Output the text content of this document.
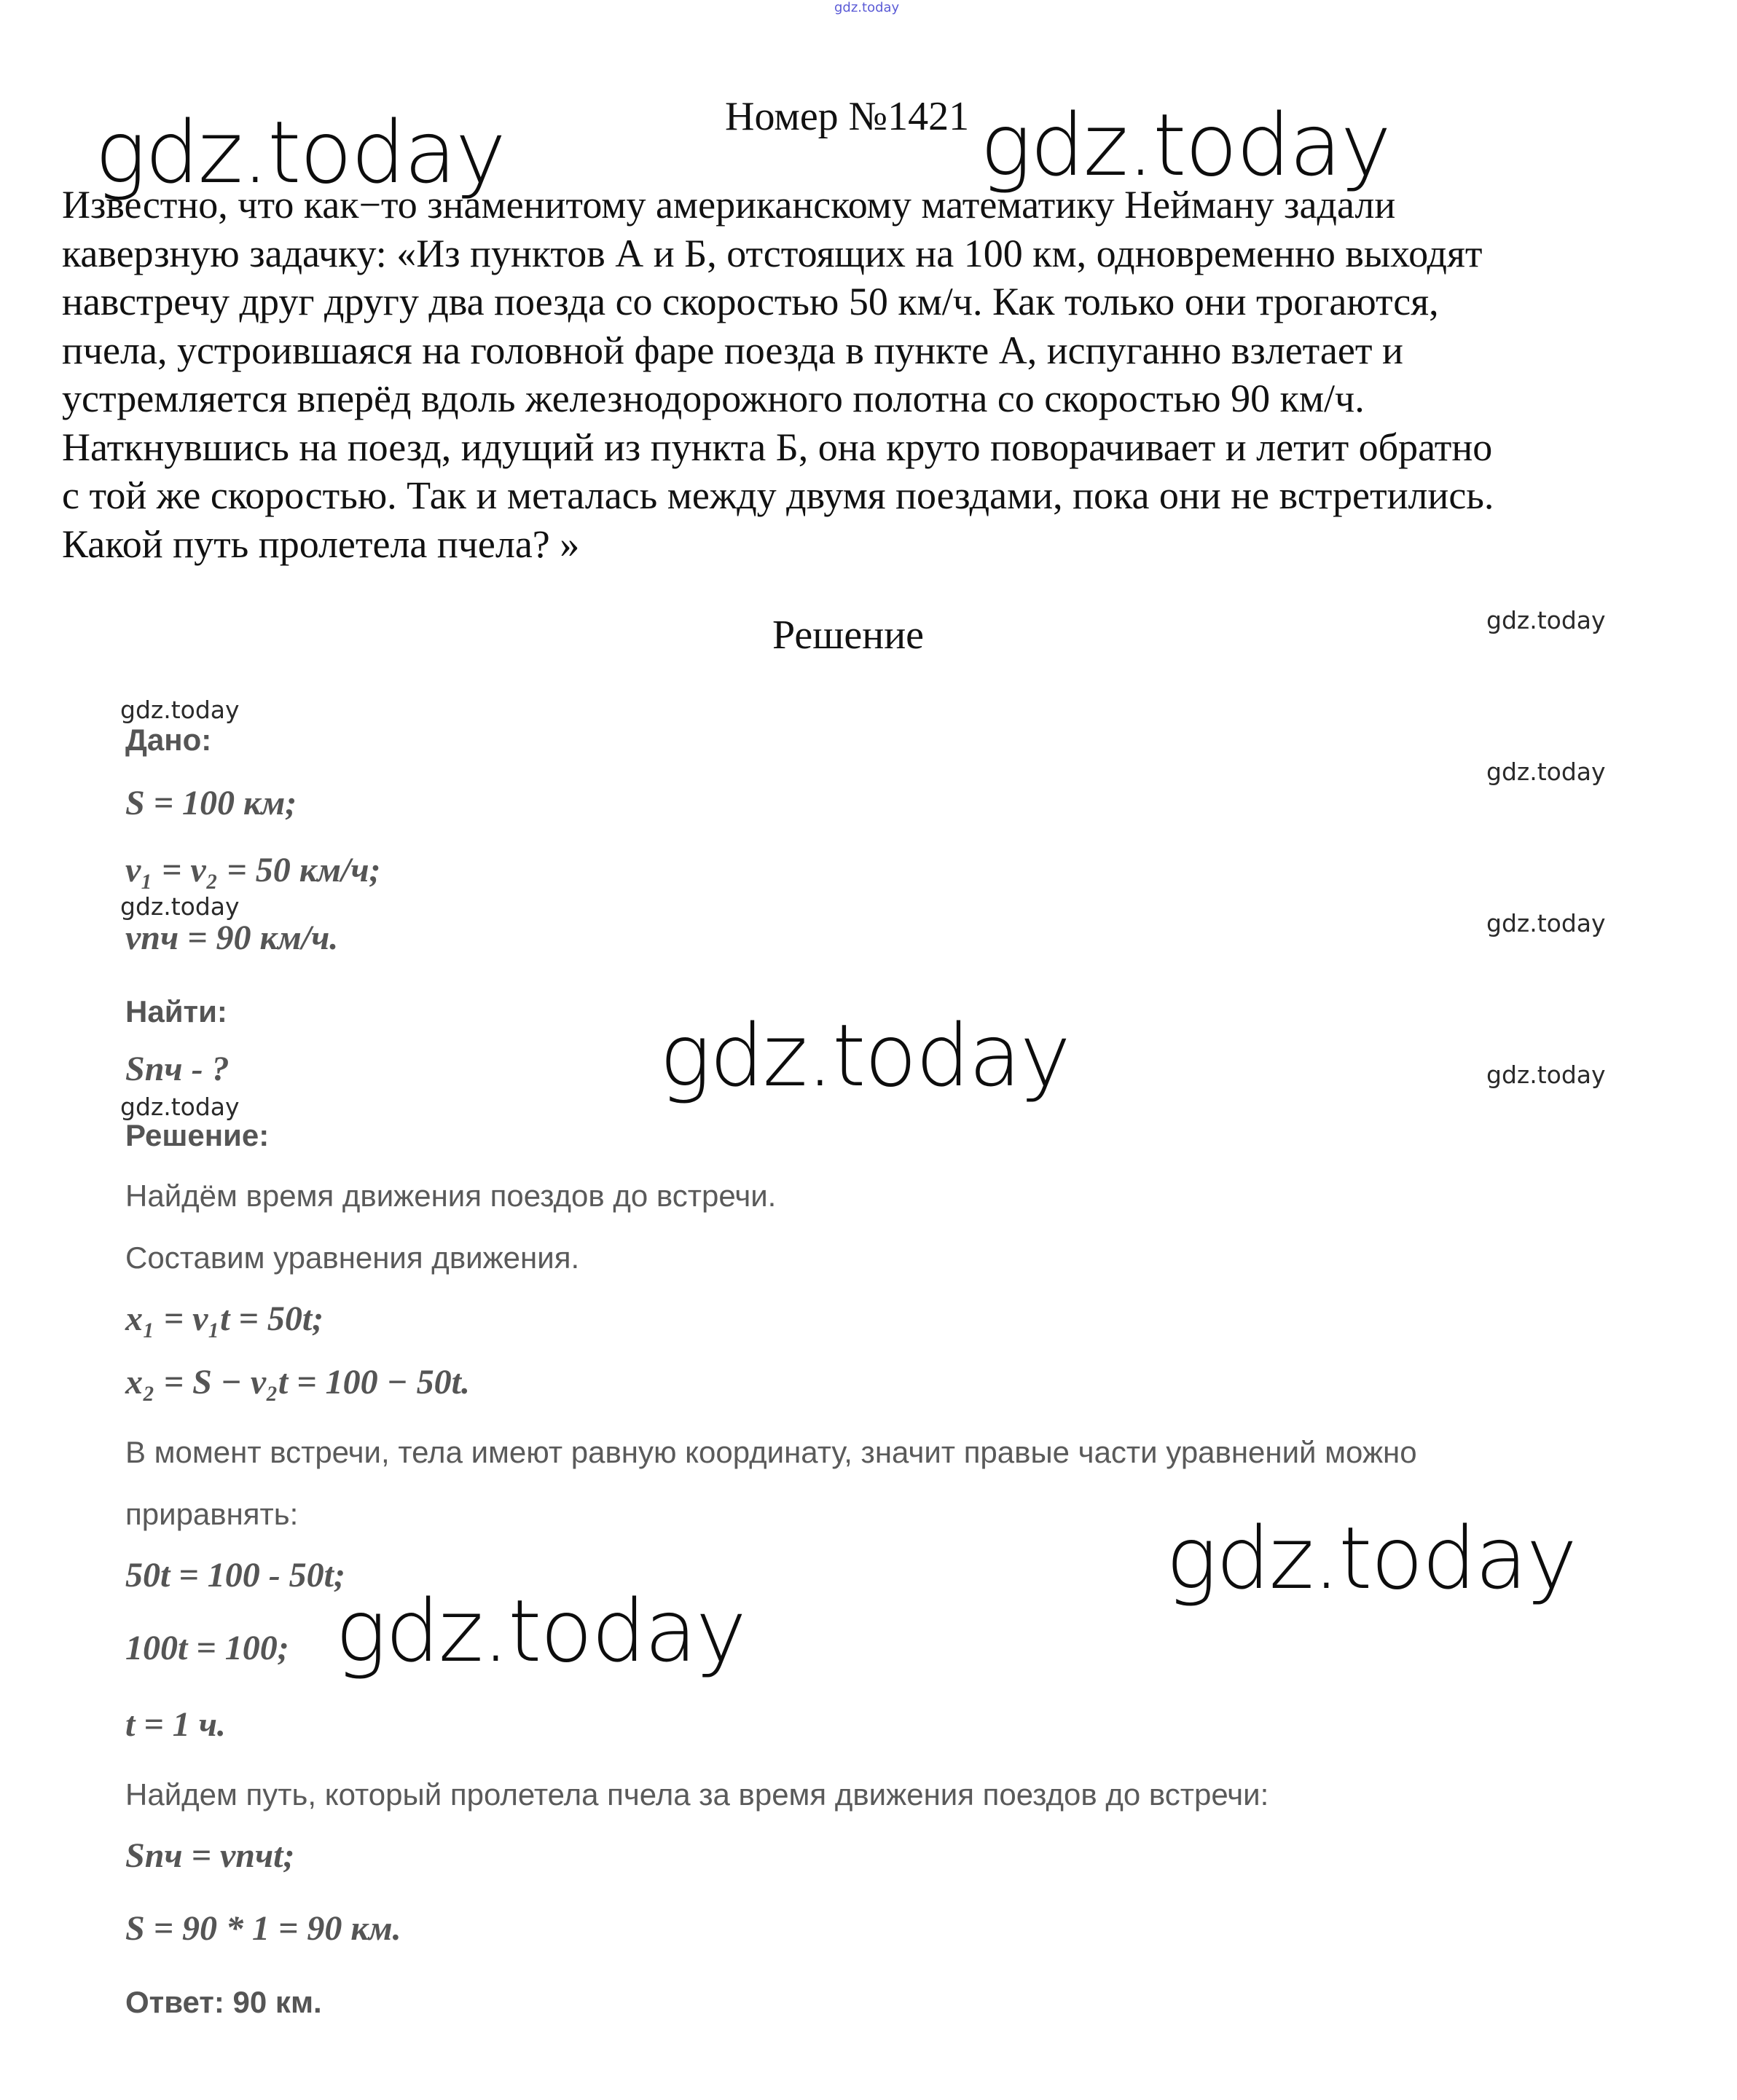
gdz.today
gdz.today	gdz.today
gdz.today
gdz.today
gdz.today
gdz.today
gdz.today
gdz.today
gdz.today
gdz.today
gdz.today
gdz.today
Номер №1421
Известно, что как−то знаменитому американскому математику Нейману задали
каверзную задачку: «Из пунктов А и Б, отстоящих на 100 км, одновременно выходят
навстречу друг другу два поезда со скоростью 50 км/ч. Как только они трогаются,
пчела, устроившаяся на головной фаре поезда в пункте А, испуганно взлетает и
устремляется вперёд вдоль железнодорожного полотна со скоростью 90 км/ч.
Наткнувшись на поезд, идущий из пункта Б, она круто поворачивает и летит обратно
с той же скоростью. Так и металась между двумя поездами, пока они не встретились.
Какой путь пролетела пчела? »
Решение
Дано:
S = 100 км;
v₁ = v₂ = 50 км/ч;
vпч = 90 км/ч.
Найти:
Sпч - ?
Решение:
Найдём время движения поездов до встречи.
Составим уравнения движения.
x₁ = v₁t = 50t;
x₂ = S − v₂t = 100 − 50t.
В момент встречи, тела имеют равную координату, значит правые части уравнений можно
приравнять:
50t = 100 - 50t;
100t = 100;
t = 1 ч.
Найдем путь, который пролетела пчела за время движения поездов до встречи:
Sпч = vпчt;
S = 90 * 1 = 90 км.
Ответ: 90 км.
